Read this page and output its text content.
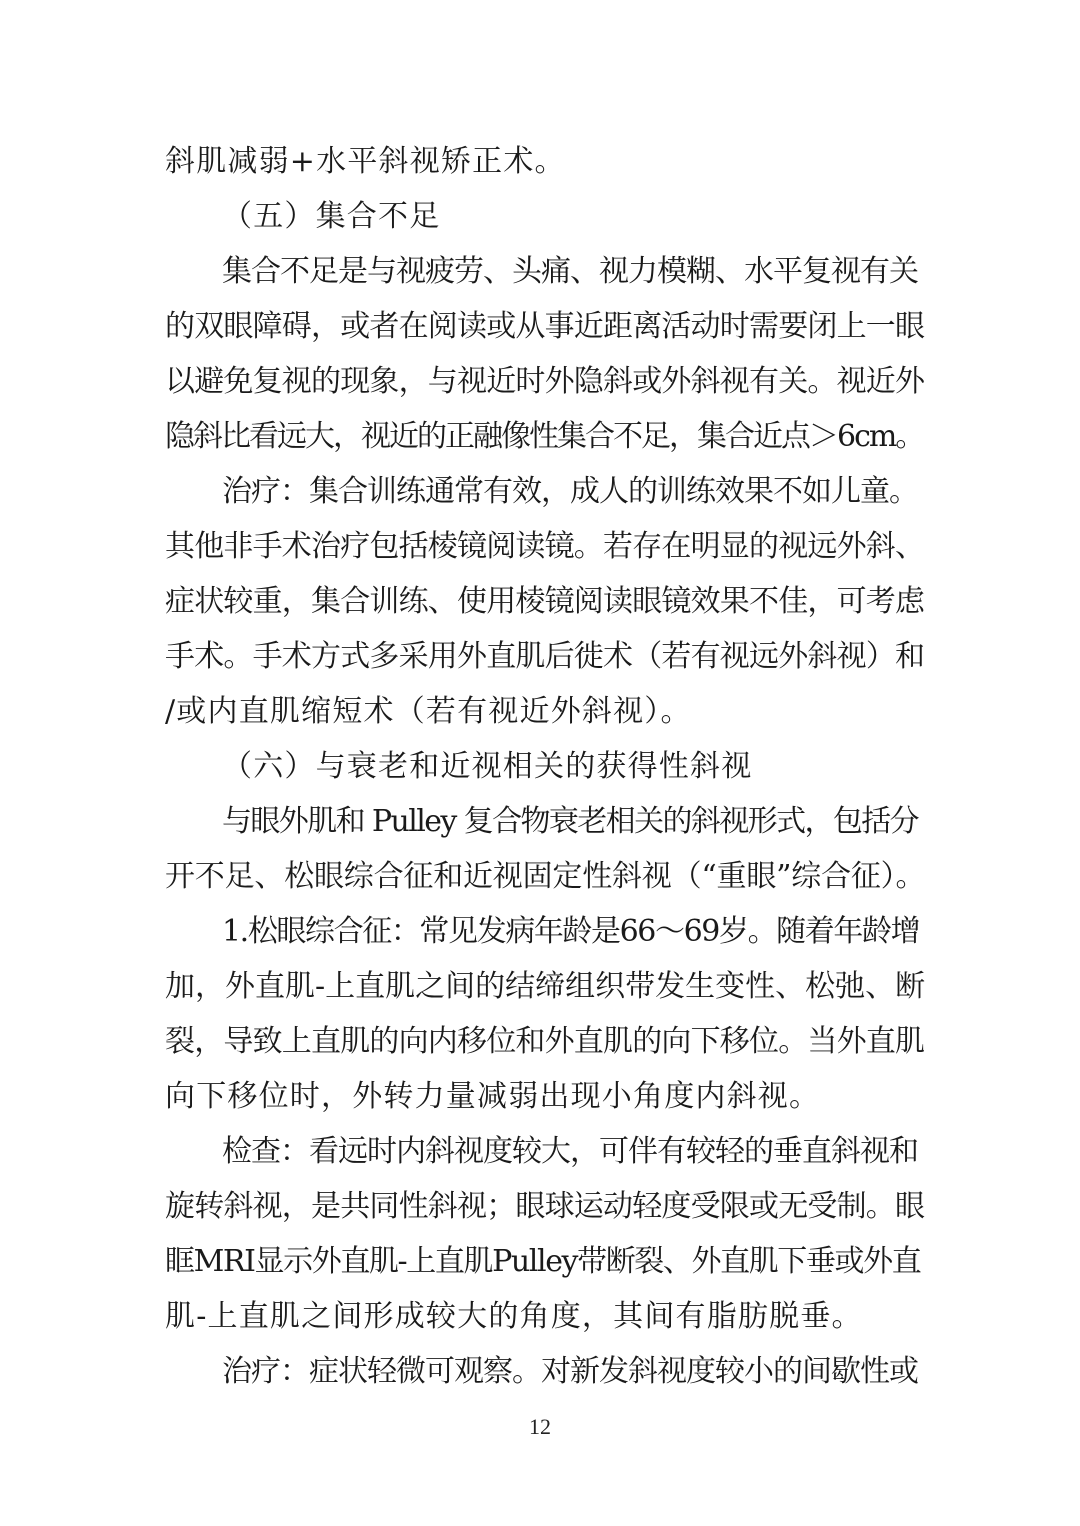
斜肌减弱+水平斜视矫正术。
（五）集合不足
集合不足是与视疲劳、头痛、视力模糊、水平复视有关
的双眼障碍，或者在阅读或从事近距离活动时需要闭上一眼
以避免复视的现象，与视近时外隐斜或外斜视有关。视近外
隐斜比看远大，视近的正融像性集合不足，集合近点＞6cm。
治疗：集合训练通常有效，成人的训练效果不如儿童。
其他非手术治疗包括棱镜阅读镜。若存在明显的视远外斜、
症状较重，集合训练、使用棱镜阅读眼镜效果不佳，可考虑
手术。手术方式多采用外直肌后徙术（若有视远外斜视）和
/或内直肌缩短术（若有视近外斜视）。
（六）与衰老和近视相关的获得性斜视
与眼外肌和 Pulley 复合物衰老相关的斜视形式，包括分
开不足、松眼综合征和近视固定性斜视（“重眼”综合征）。
1.松眼综合征：常见发病年龄是66～69岁。随着年龄增
加，外直肌-上直肌之间的结缔组织带发生变性、松弛、断
裂，导致上直肌的向内移位和外直肌的向下移位。当外直肌
向下移位时，外转力量减弱出现小角度内斜视。
检查：看远时内斜视度较大，可伴有较轻的垂直斜视和
旋转斜视，是共同性斜视；眼球运动轻度受限或无受制。眼
眶MRI显示外直肌-上直肌Pulley带断裂、外直肌下垂或外直
肌-上直肌之间形成较大的角度，其间有脂肪脱垂。
治疗：症状轻微可观察。对新发斜视度较小的间歇性或
12
